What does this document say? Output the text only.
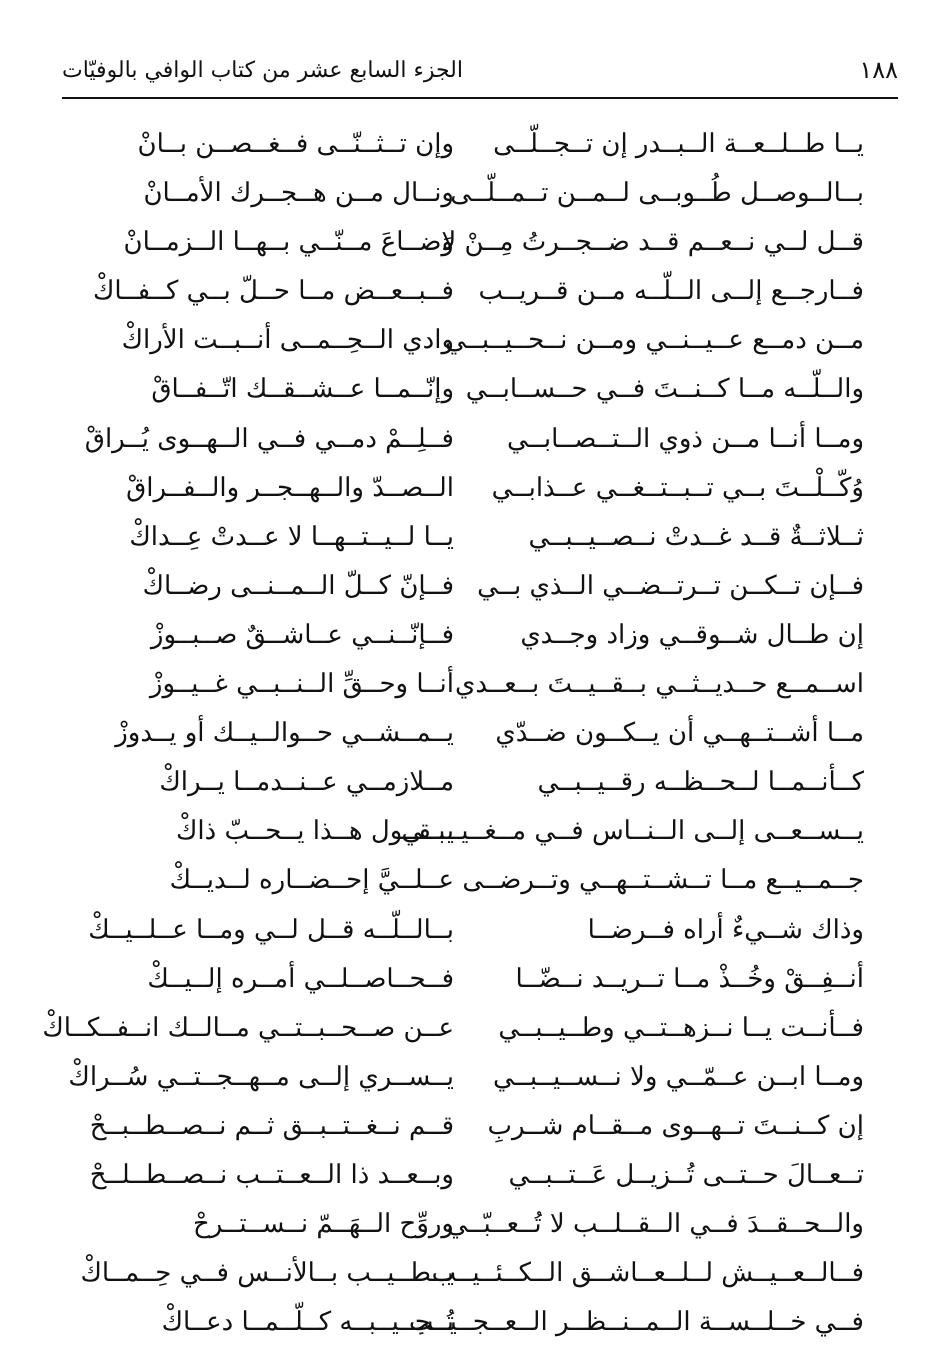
الجزء السابع عشر من كتاب الوافي بالوفيّات	١٨٨
يــا طــلــعــة الــبــدر إن تــجــلّــى
وإن تــثــنّــى فــغــصــن بــانْ
بــالــوصــل طُــوبــى لــمــن تــمــلّــى
ونــال مــن هــجــرك الأمــانْ
قــل لــي نــعــم قــد ضــجــرتُ مِــنْ لا
وَضــاعَ مــنّــي بــهــا الــزمــانْ
فــارجــع إلــى الــلّــه مــن قــريــب
فــبــعــض مــا حــلّ بــي كــفــاكْ
مــن دمــع عــيــنــي ومــن نــحــيــبــي
وادي الــحِــمــى أنــبــت الأراكْ
والــلّــه مــا كــنــتَ فــي حــســابــي
وإنّــمــا عــشــقــك اتّــفــاقْ
ومــا أنــا مــن ذوي الــتــصــابــي
فــلِــمْ دمــي فــي الــهــوى يُــراقْ
وُكّــلْــتَ بــي تــبــتــغــي عــذابــي
الــصــدّ والــهــجــر والــفــراقْ
ثــلاثــةٌ قــد غــدتْ نــصــيــبــي
يــا لــيــتــهــا لا عــدتْ عِــداكْ
فــإن تــكــن تــرتــضــي الــذي بــي
فــإنّ كــلّ الــمــنــى رضــاكْ
إن طــال شــوقــي وزاد وجــدي
فــإنّــنــي عــاشــقٌ صــبــوزْ
اســمــع حــديــثــي بــقــيــتَ بــعــدي
أنــا وحــقِّ الــنــبــي غــيــوزْ
مــا أشــتــهــي أن يــكــون ضــدّي
يــمــشــي حــوالــيــك أو يــدوزْ
كــأنــمــا لــحــظــه رقــيــبــي
مــلازمــي عــنــدمــا يــراكْ
يــســعــى إلــى الــنــاس فــي مــغــيــبــي
يــقــول هــذا يــحــبّ ذاكْ
جــمــيــع مــا تــشــتــهــي وتــرضــى
عــلــيَّ إحــضــاره لــديــكْ
وذاك شــيءٌ أراه فــرضــا
بــالــلّــه قــل لــي ومــا عــلــيــكْ
أنــفِــقْ وخُــذْ مــا تــريــد نــضّــا
فــحــاصــلــي أمــره إلــيــكْ
فــأنــت يــا نــزهــتــي وطــيــبــي
عــن صــحــبــتــي مــالــك انــفــكــاكْ
ومــا ابــن عــمّــي ولا نــســيــبــي
يــســري إلــى مــهــجــتــي سُــراكْ
إن كــنــتَ تــهــوى مــقــام شــربِ
قــم نــغــتــبــق ثــم نــصــطــبــحْ
تــعــالَ حــتــى تُــزيــل عَــتــبــي
وبــعــد ذا الــعــتــب نــصــطــلــحْ
والــحــقــدَ فــي الــقــلــب لا تُــعــبّــي
وروِّح الــهَــمّ نــســتــرحْ
فــالــعــيــش لــلــعــاشــق الــكــئــيــب
يــطــيــب بــالأنــس فــي حِــمــاكْ
فــي خــلــســة الــمــنــظــر الــعــجــيــب
تُــجــيــبــه كــلّــمــا دعــاكْ
